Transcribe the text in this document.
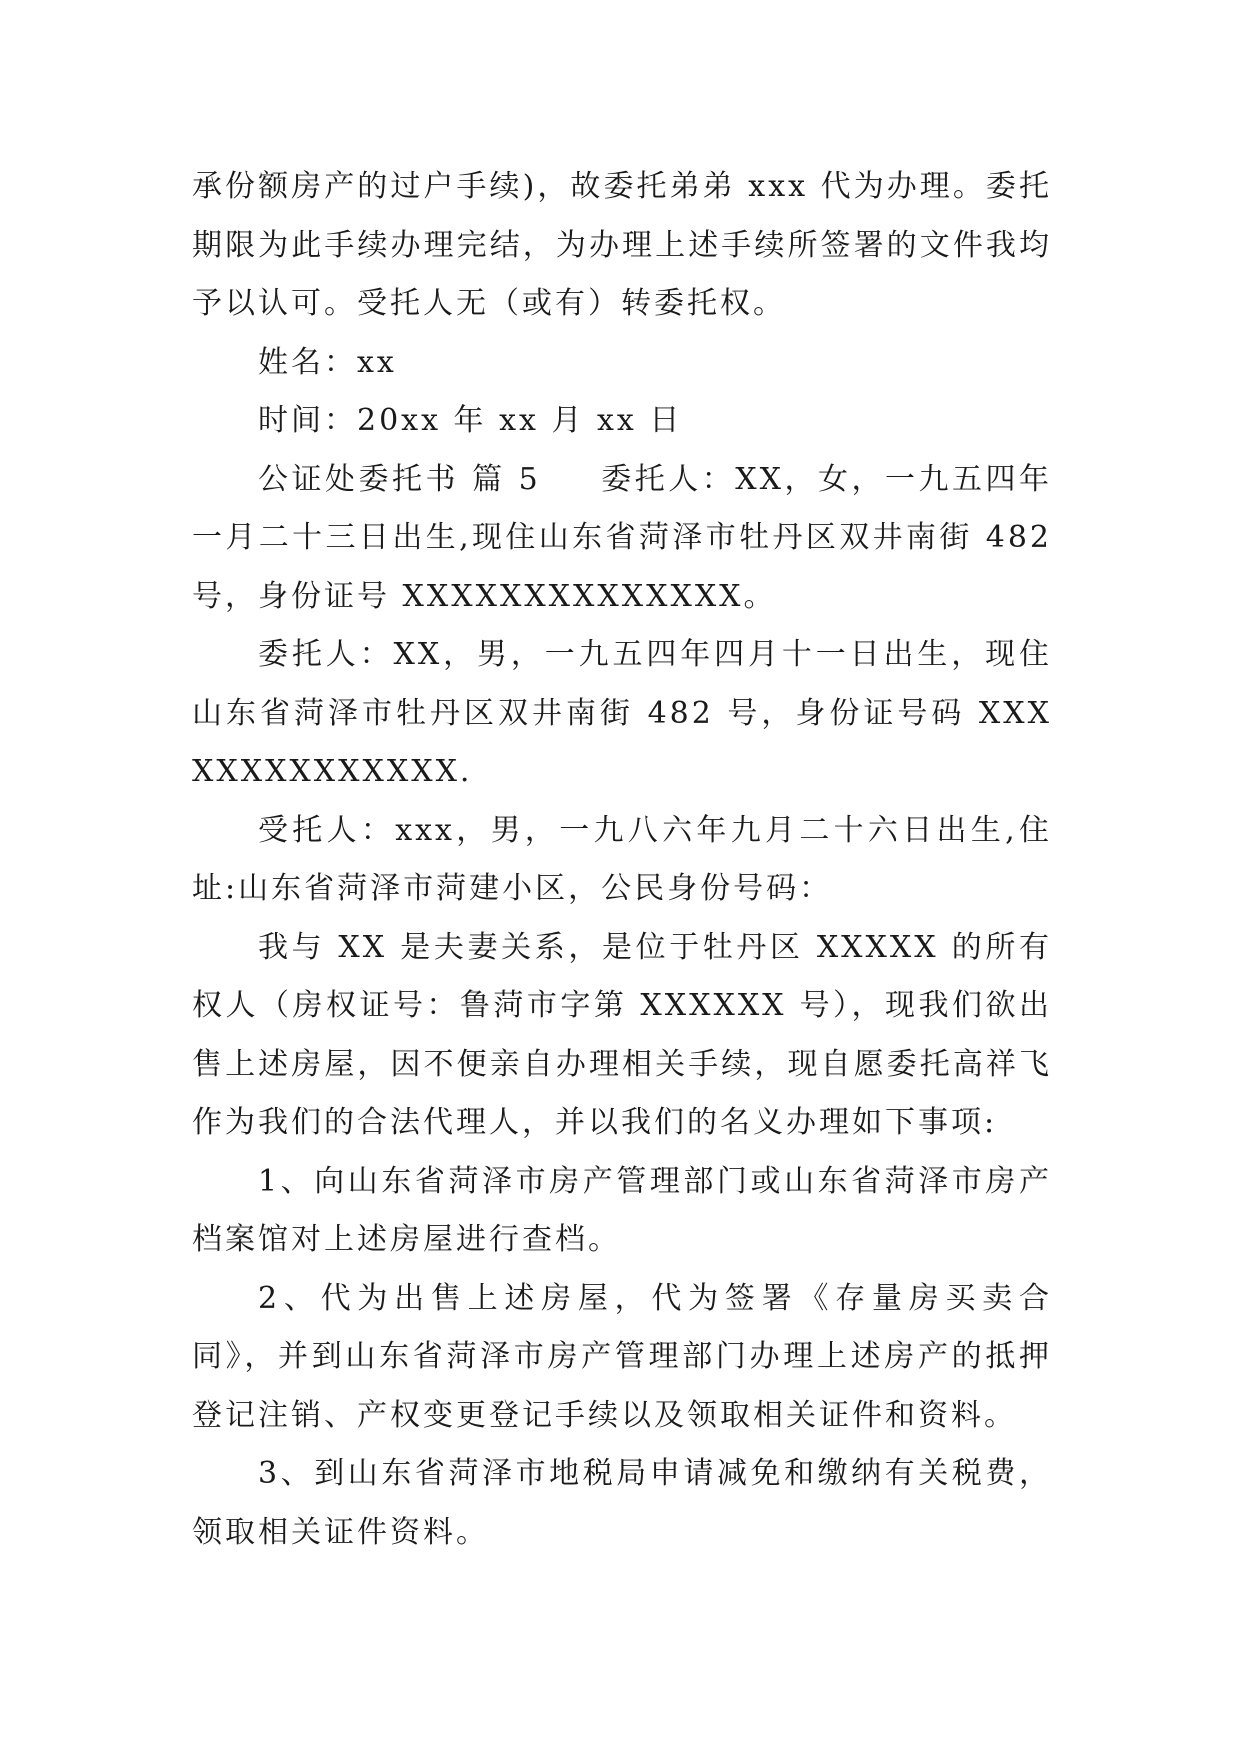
承份额房产的过户手续)，故委托弟弟 xxx 代为办理。委托期限为此手续办理完结，为办理上述手续所签署的文件我均予以认可。受托人无（或有）转委托权。

姓名：xx

时间：20xx 年 xx 月 xx 日

公证处委托书 篇 5 委托人：XX，女，一九五四年一月二十三日出生,现住山东省菏泽市牡丹区双井南街 482 号，身份证号 XXXXXXXXXXXXXX。

委托人：XX，男，一九五四年四月十一日出生，现住山东省菏泽市牡丹区双井南街 482 号，身份证号码 XXXXXXXXXXXXXX.

受托人：xxx，男，一九八六年九月二十六日出生,住址:山东省菏泽市菏建小区，公民身份号码：

我与 XX 是夫妻关系，是位于牡丹区 XXXXX 的所有权人（房权证号：鲁菏市字第 XXXXXX 号），现我们欲出售上述房屋，因不便亲自办理相关手续，现自愿委托高祥飞作为我们的合法代理人，并以我们的名义办理如下事项:

1、向山东省菏泽市房产管理部门或山东省菏泽市房产档案馆对上述房屋进行查档。

2、代为出售上述房屋，代为签署《存量房买卖合同》，并到山东省菏泽市房产管理部门办理上述房产的抵押登记注销、产权变更登记手续以及领取相关证件和资料。

3、到山东省菏泽市地税局申请减免和缴纳有关税费，领取相关证件资料。
